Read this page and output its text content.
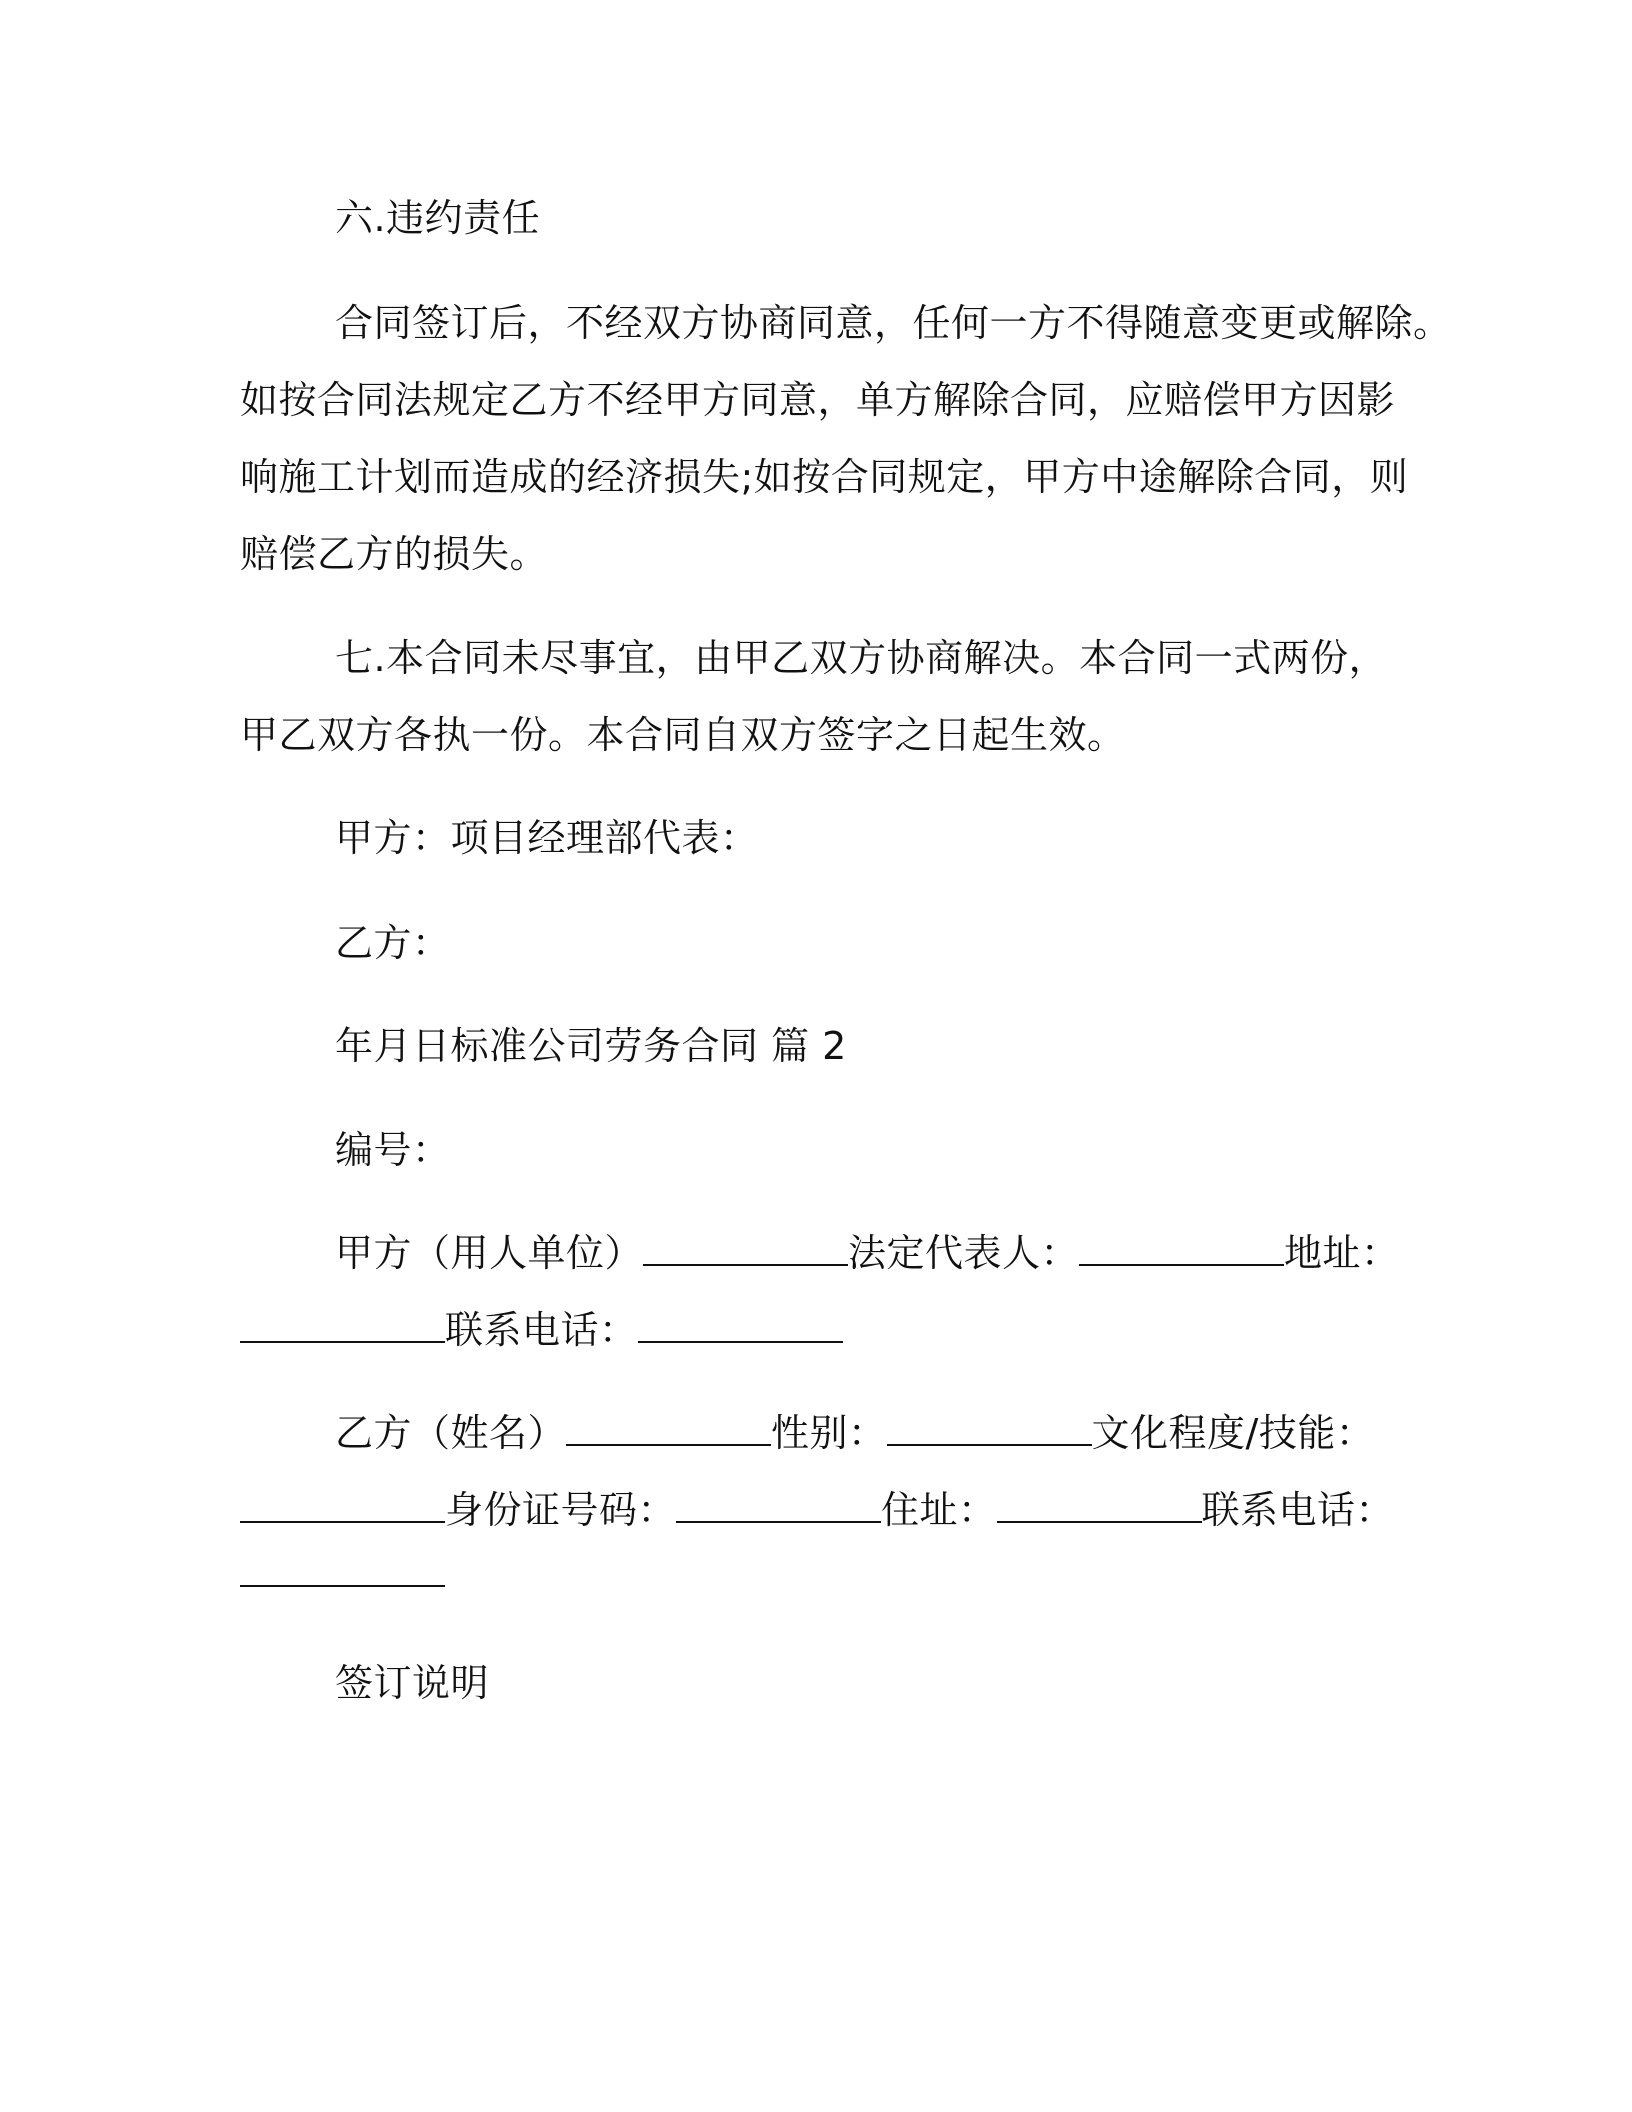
六.违约责任

合同签订后，不经双方协商同意，任何一方不得随意变更或解除。
如按合同法规定乙方不经甲方同意，单方解除合同，应赔偿甲方因影
响施工计划而造成的经济损失;如按合同规定，甲方中途解除合同，则
赔偿乙方的损失。
七.本合同未尽事宜，由甲乙双方协商解决。本合同一式两份，
甲乙双方各执一份。本合同自双方签字之日起生效。

甲方：项目经理部代表：

乙方：

年月日标准公司劳务合同 篇 2

编号：

甲方（用人单位）	法定代表人：	地址：
联系电话：
乙方（姓名）	性别：	文化程度/技能：
身份证号码：	住址：	联系电话：

签订说明
